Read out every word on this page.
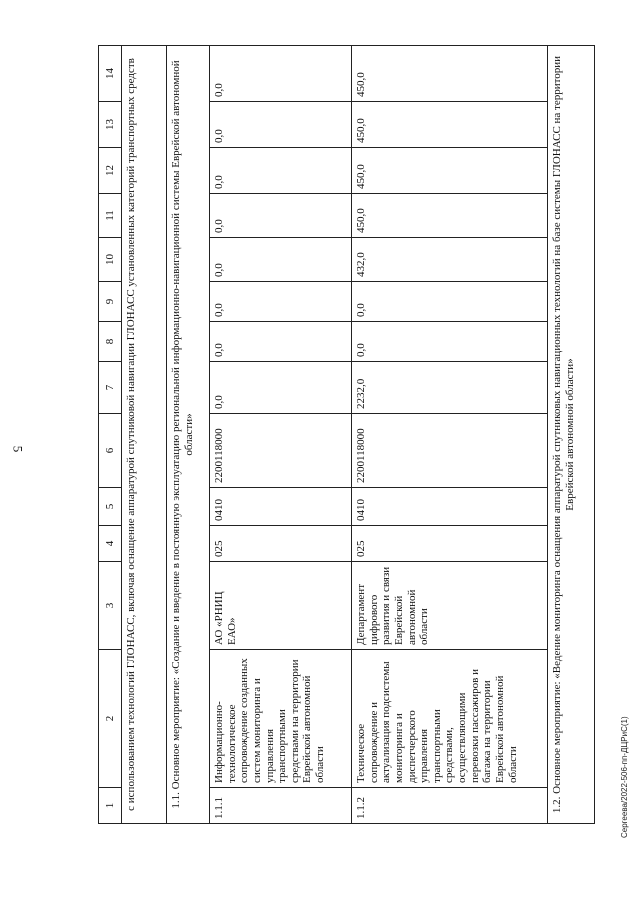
5
Сергеева/2022-506-пп-ДЦРиС(1)
1	2	3	4	5	6	7	8	9	10	11	12	13	14
с использованием технологий ГЛОНАСС, включая оснащение аппаратурой спутниковой навигации ГЛОНАСС установленных категорий транспортных средств													
1.1. Основное мероприятие: «Создание и введение в постоянную эксплуатацию региональной информационно-навигационной системы Еврейской автономной области»													
1.1.1	Информационно-технологическое сопровождение созданных систем мониторинга и управления транспортными средствами на территории Еврейской автономной области	АО «РНИЦ ЕАО»	025	0410	2200118000	0,0	0,0	0,0	0,0	0,0	0,0	0,0	0,0
1.1.2	Техническое сопровождение и актуализация подсистемы мониторинга и диспетчерского управления транспортными средствами, осуществляющими перевозки пассажиров и багажа на территории Еврейской автономной области	Департамент цифрового развития и связи Еврейской автономной области	025	0410	2200118000	2232,0	0,0	0,0	432,0	450,0	450,0	450,0	450,0
1.2. Основное мероприятие: «Ведение мониторинга оснащения аппаратурой спутниковых навигационных технологий на базе системы ГЛОНАСС на территории Еврейской автономной области»													
